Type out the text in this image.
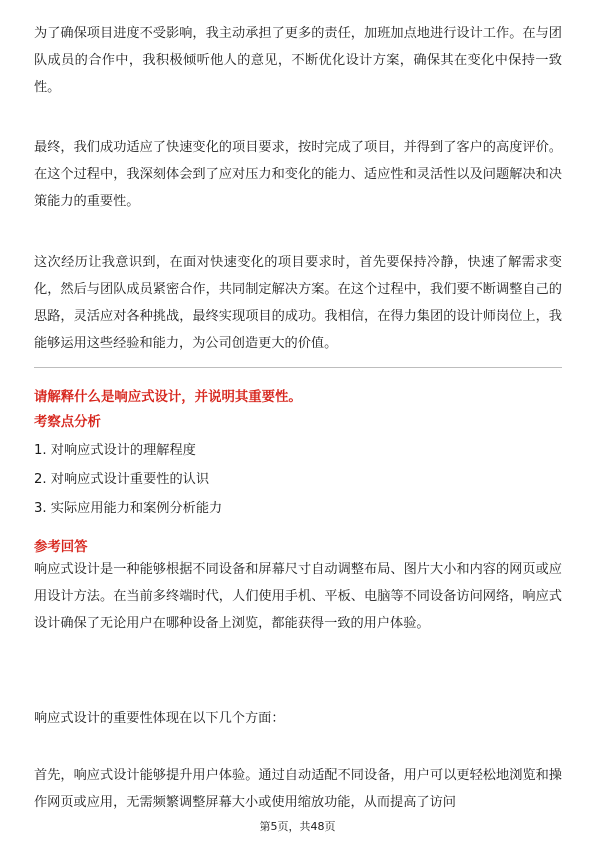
为了确保项目进度不受影响，我主动承担了更多的责任，加班加点地进行设计工作。在与团队成员的合作中，我积极倾听他人的意见，不断优化设计方案，确保其在变化中保持一致性。

最终，我们成功适应了快速变化的项目要求，按时完成了项目，并得到了客户的高度评价。在这个过程中，我深刻体会到了应对压力和变化的能力、适应性和灵活性以及问题解决和决策能力的重要性。

这次经历让我意识到，在面对快速变化的项目要求时，首先要保持冷静，快速了解需求变化，然后与团队成员紧密合作，共同制定解决方案。在这个过程中，我们要不断调整自己的思路，灵活应对各种挑战，最终实现项目的成功。我相信，在得力集团的设计师岗位上，我能够运用这些经验和能力，为公司创造更大的价值。

请解释什么是响应式设计，并说明其重要性。

考察点分析

1. 对响应式设计的理解程度
2. 对响应式设计重要性的认识
3. 实际应用能力和案例分析能力

参考回答

响应式设计是一种能够根据不同设备和屏幕尺寸自动调整布局、图片大小和内容的网页或应用设计方法。在当前多终端时代，人们使用手机、平板、电脑等不同设备访问网络，响应式设计确保了无论用户在哪种设备上浏览，都能获得一致的用户体验。

响应式设计的重要性体现在以下几个方面：

首先，响应式设计能够提升用户体验。通过自动适配不同设备，用户可以更轻松地浏览和操作网页或应用，无需频繁调整屏幕大小或使用缩放功能，从而提高了访问

第5页，共48页
